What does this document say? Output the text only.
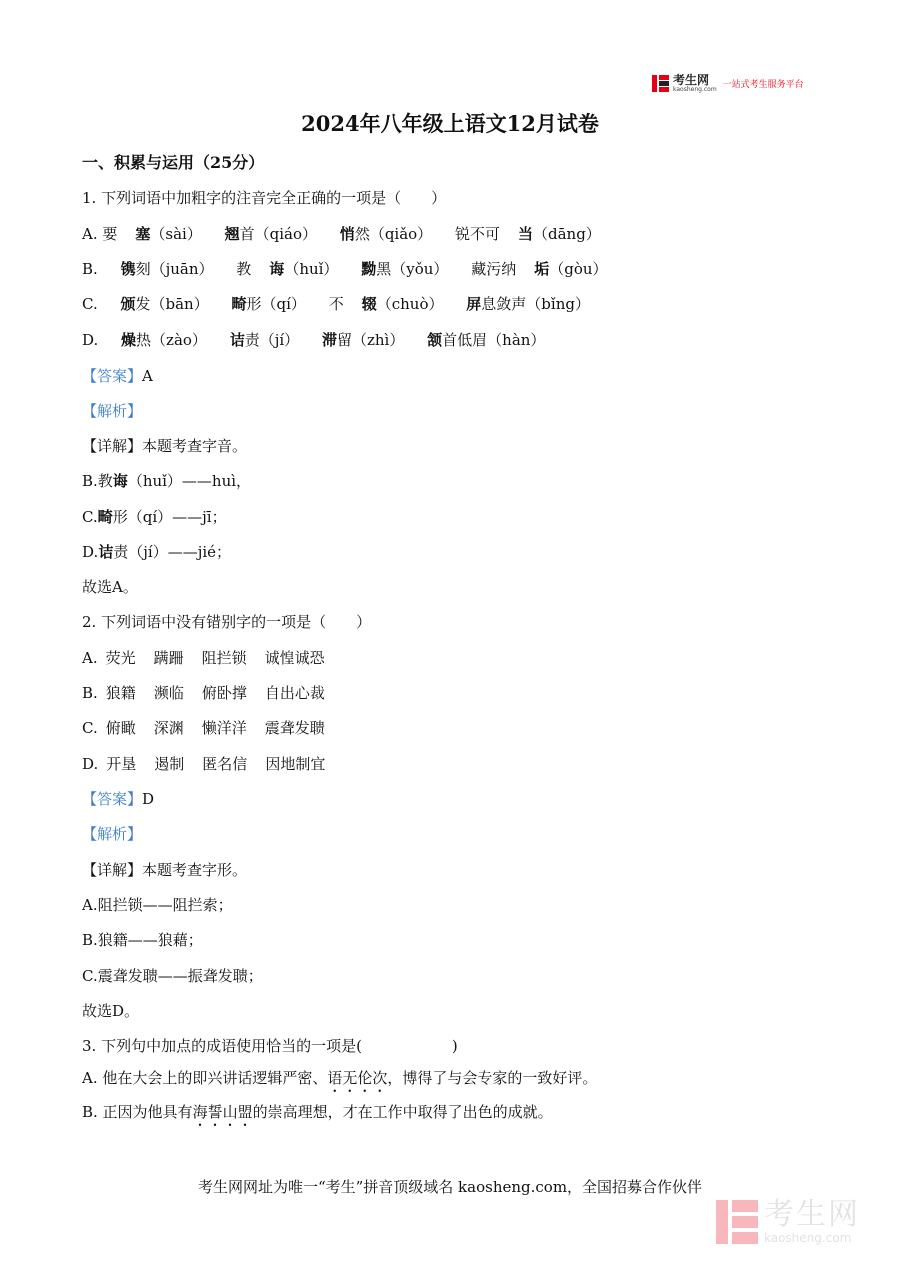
考生网
kaosheng.com 一站式考生服务平台
2024年八年级上语文12月试卷
一、积累与运用（25分）
1. 下列词语中加粗字的注音完全正确的一项是（　　）
A. 要 塞（sài） 翘首（qiáo） 悄然（qiǎo） 锐不可 当（dāng）
B. 镌刻（juān） 教 诲（huǐ） 黝黑（yǒu） 藏污纳 垢（gòu）
C. 颁发（bān） 畸形（qí） 不 辍（chuò） 屏息敛声（bǐng）
D. 燥热（zào） 诘责（jí） 滞留（zhì） 颔首低眉（hàn）
【答案】A
【解析】
【详解】本题考查字音。
B.教诲（huǐ）——huì，
C.畸形（qí）——jī；
D.诘责（jí）——jié；
故选A。
2. 下列词语中没有错别字的一项是（　　）
A. 荧光 蹒跚 阻拦锁 诚惶诚恐
B. 狼籍 濒临 俯卧撑 自出心裁
C. 俯瞰 深渊 懒洋洋 震聋发聩
D. 开垦 遏制 匿名信 因地制宜
【答案】D
【解析】
【详解】本题考查字形。
A.阻拦锁——阻拦索；
B.狼籍——狼藉；
C.震聋发聩——振聋发聩；
故选D。
3. 下列句中加点的成语使用恰当的一项是(　　　　　　)
A. 他在大会上的即兴讲话逻辑严密、语无伦次，博得了与会专家的一致好评。
B. 正因为他具有海誓山盟的崇高理想，才在工作中取得了出色的成就。
考生网网址为唯一“考生”拼音顶级域名 kaosheng.com，全国招募合作伙伴
考生网
kaosheng.com
